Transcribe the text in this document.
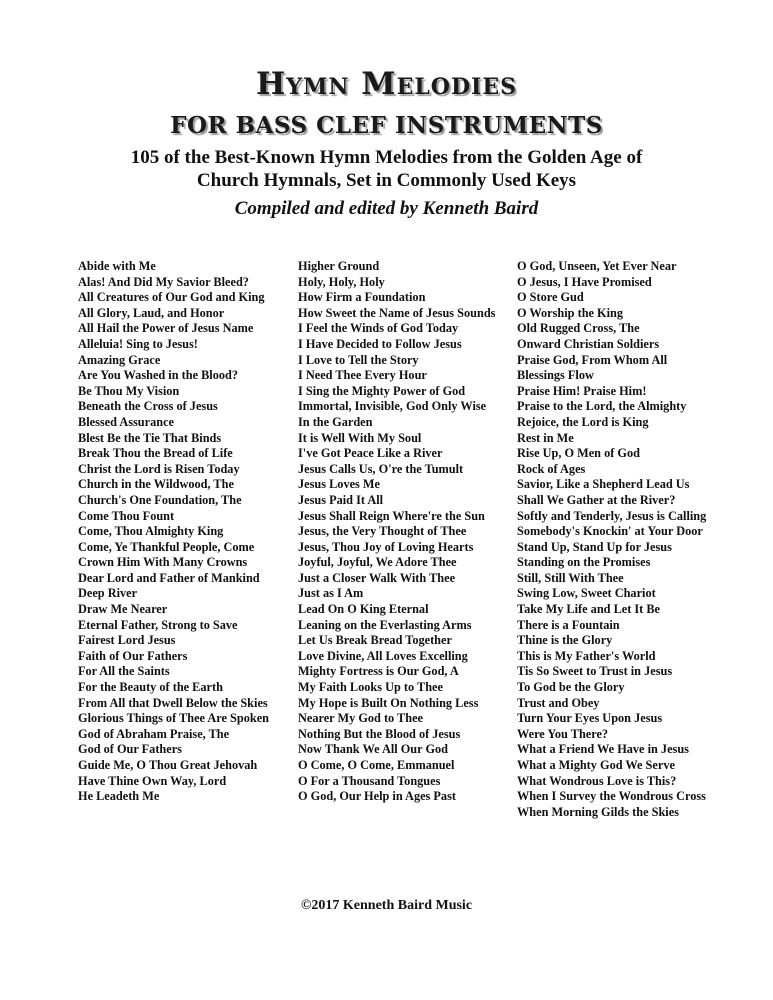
Hymn Melodies
FOR BASS CLEF INSTRUMENTS
105 of the Best-Known Hymn Melodies from the Golden Age of
Church Hymnals, Set in Commonly Used Keys
Compiled and edited by Kenneth Baird
Abide with Me
Alas! And Did My Savior Bleed?
All Creatures of Our God and King
All Glory, Laud, and Honor
All Hail the Power of Jesus Name
Alleluia! Sing to Jesus!
Amazing Grace
Are You Washed in the Blood?
Be Thou My Vision
Beneath the Cross of Jesus
Blessed Assurance
Blest Be the Tie That Binds
Break Thou the Bread of Life
Christ the Lord is Risen Today
Church in the Wildwood, The
Church's One Foundation, The
Come Thou Fount
Come, Thou Almighty King
Come, Ye Thankful People, Come
Crown Him With Many Crowns
Dear Lord and Father of Mankind
Deep River
Draw Me Nearer
Eternal Father, Strong to Save
Fairest Lord Jesus
Faith of Our Fathers
For All the Saints
For the Beauty of the Earth
From All that Dwell Below the Skies
Glorious Things of Thee Are Spoken
God of Abraham Praise, The
God of Our Fathers
Guide Me, O Thou Great Jehovah
Have Thine Own Way, Lord
He Leadeth Me
Higher Ground
Holy, Holy, Holy
How Firm a Foundation
How Sweet the Name of Jesus Sounds
I Feel the Winds of God Today
I Have Decided to Follow Jesus
I Love to Tell the Story
I Need Thee Every Hour
I Sing the Mighty Power of God
Immortal, Invisible, God Only Wise
In the Garden
It is Well With My Soul
I've Got Peace Like a River
Jesus Calls Us, O're the Tumult
Jesus Loves Me
Jesus Paid It All
Jesus Shall Reign Where're the Sun
Jesus, the Very Thought of Thee
Jesus, Thou Joy of Loving Hearts
Joyful, Joyful, We Adore Thee
Just a Closer Walk With Thee
Just as I Am
Lead On O King Eternal
Leaning on the Everlasting Arms
Let Us Break Bread Together
Love Divine, All Loves Excelling
Mighty Fortress is Our God, A
My Faith Looks Up to Thee
My Hope is Built On Nothing Less
Nearer My God to Thee
Nothing But the Blood of Jesus
Now Thank We All Our God
O Come, O Come, Emmanuel
O For a Thousand Tongues
O God, Our Help in Ages Past
O God, Unseen, Yet Ever Near
O Jesus, I Have Promised
O Store Gud
O Worship the King
Old Rugged Cross, The
Onward Christian Soldiers
Praise God, From Whom All
Blessings Flow
Praise Him! Praise Him!
Praise to the Lord, the Almighty
Rejoice, the Lord is King
Rest in Me
Rise Up, O Men of God
Rock of Ages
Savior, Like a Shepherd Lead Us
Shall We Gather at the River?
Softly and Tenderly, Jesus is Calling
Somebody's Knockin' at Your Door
Stand Up, Stand Up for Jesus
Standing on the Promises
Still, Still With Thee
Swing Low, Sweet Chariot
Take My Life and Let It Be
There is a Fountain
Thine is the Glory
This is My Father's World
Tis So Sweet to Trust in Jesus
To God be the Glory
Trust and Obey
Turn Your Eyes Upon Jesus
Were You There?
What a Friend We Have in Jesus
What a Mighty God We Serve
What Wondrous Love is This?
When I Survey the Wondrous Cross
When Morning Gilds the Skies
©2017 Kenneth Baird Music
